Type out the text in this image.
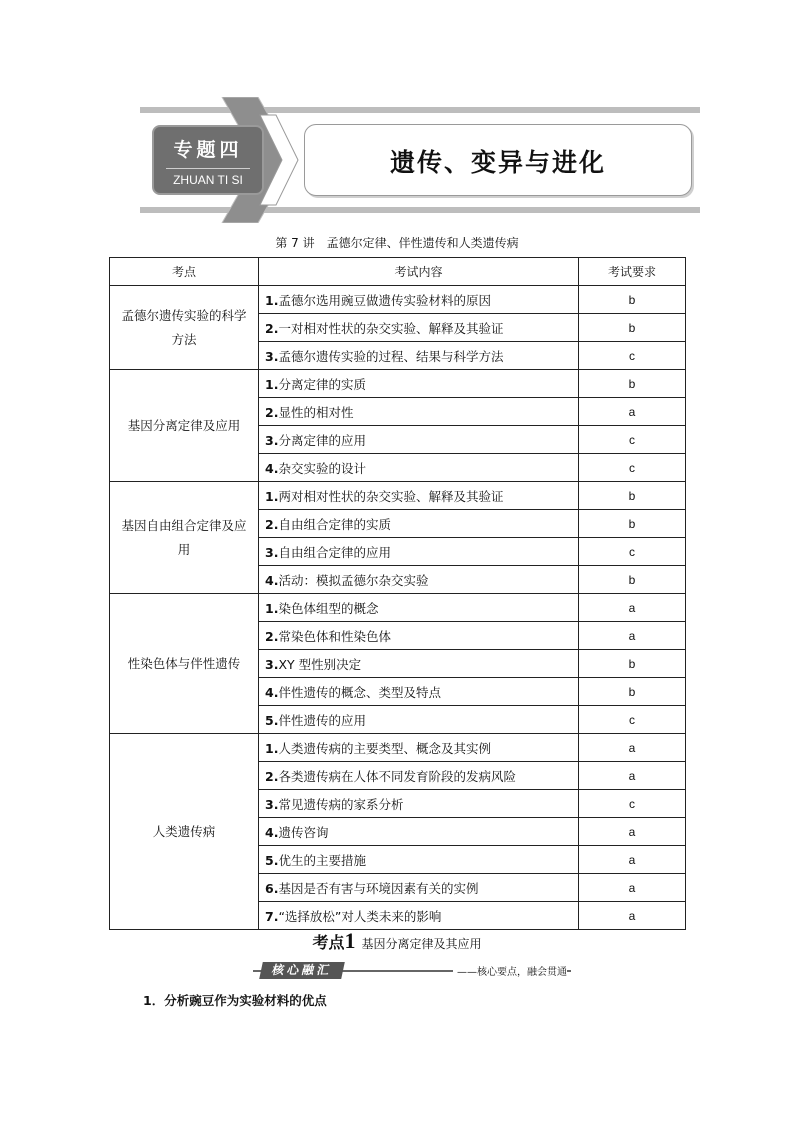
遗传、变异与进化
专题四
ZHUAN TI SI
第 7 讲　孟德尔定律、伴性遗传和人类遗传病
考点	考试内容	考试要求
孟德尔遗传实验的科学方法	1.孟德尔选用豌豆做遗传实验材料的原因	b
	2.一对相对性状的杂交实验、解释及其验证	b
	3.孟德尔遗传实验的过程、结果与科学方法	c
基因分离定律及应用	1.分离定律的实质	b
	2.显性的相对性	a
	3.分离定律的应用	c
	4.杂交实验的设计	c
基因自由组合定律及应用	1.两对相对性状的杂交实验、解释及其验证	b
	2.自由组合定律的实质	b
	3.自由组合定律的应用	c
	4.活动：模拟孟德尔杂交实验	b
性染色体与伴性遗传	1.染色体组型的概念	a
	2.常染色体和性染色体	a
	3.XY 型性别决定	b
	4.伴性遗传的概念、类型及特点	b
	5.伴性遗传的应用	c
人类遗传病	1.人类遗传病的主要类型、概念及其实例	a
	2.各类遗传病在人体不同发育阶段的发病风险	a
	3.常见遗传病的家系分析	c
	4.遗传咨询	a
	5.优生的主要措施	a
	6.基因是否有害与环境因素有关的实例	a
	7.“选择放松”对人类未来的影响	a
考点1 基因分离定律及其应用
核心融汇	——核心要点，融会贯通
1．分析豌豆作为实验材料的优点
